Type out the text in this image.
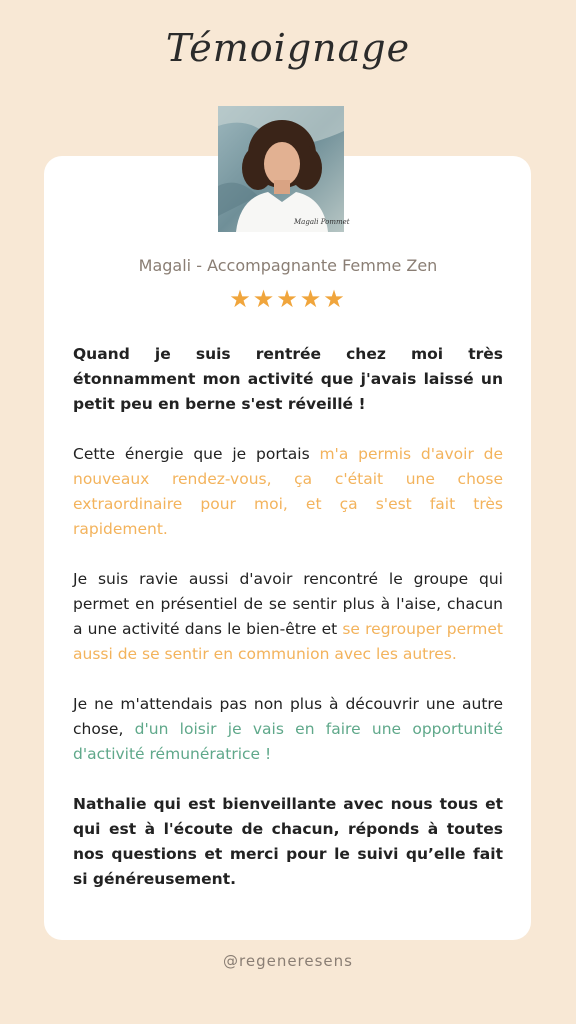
Témoignage
Magali Pommet
Magali - Accompagnante Femme Zen
★★★★★

Quand je suis rentrée chez moi très étonnamment mon activité que j'avais laissé un petit peu en berne s'est réveillé !

Cette énergie que je portais m'a permis d'avoir de nouveaux rendez-vous, ça c'était une chose extraordinaire pour moi, et ça s'est fait très rapidement.

Je suis ravie aussi d'avoir rencontré le groupe qui permet en présentiel de se sentir plus à l'aise, chacun a une activité dans le bien-être et se regrouper permet aussi de se sentir en communion avec les autres.

Je ne m'attendais pas non plus à découvrir une autre chose, d'un loisir je vais en faire une opportunité d'activité rémunératrice !

Nathalie qui est bienveillante avec nous tous et qui est à l'écoute de chacun, réponds à toutes nos questions et merci pour le suivi qu’elle fait si généreusement.

@regeneresens
